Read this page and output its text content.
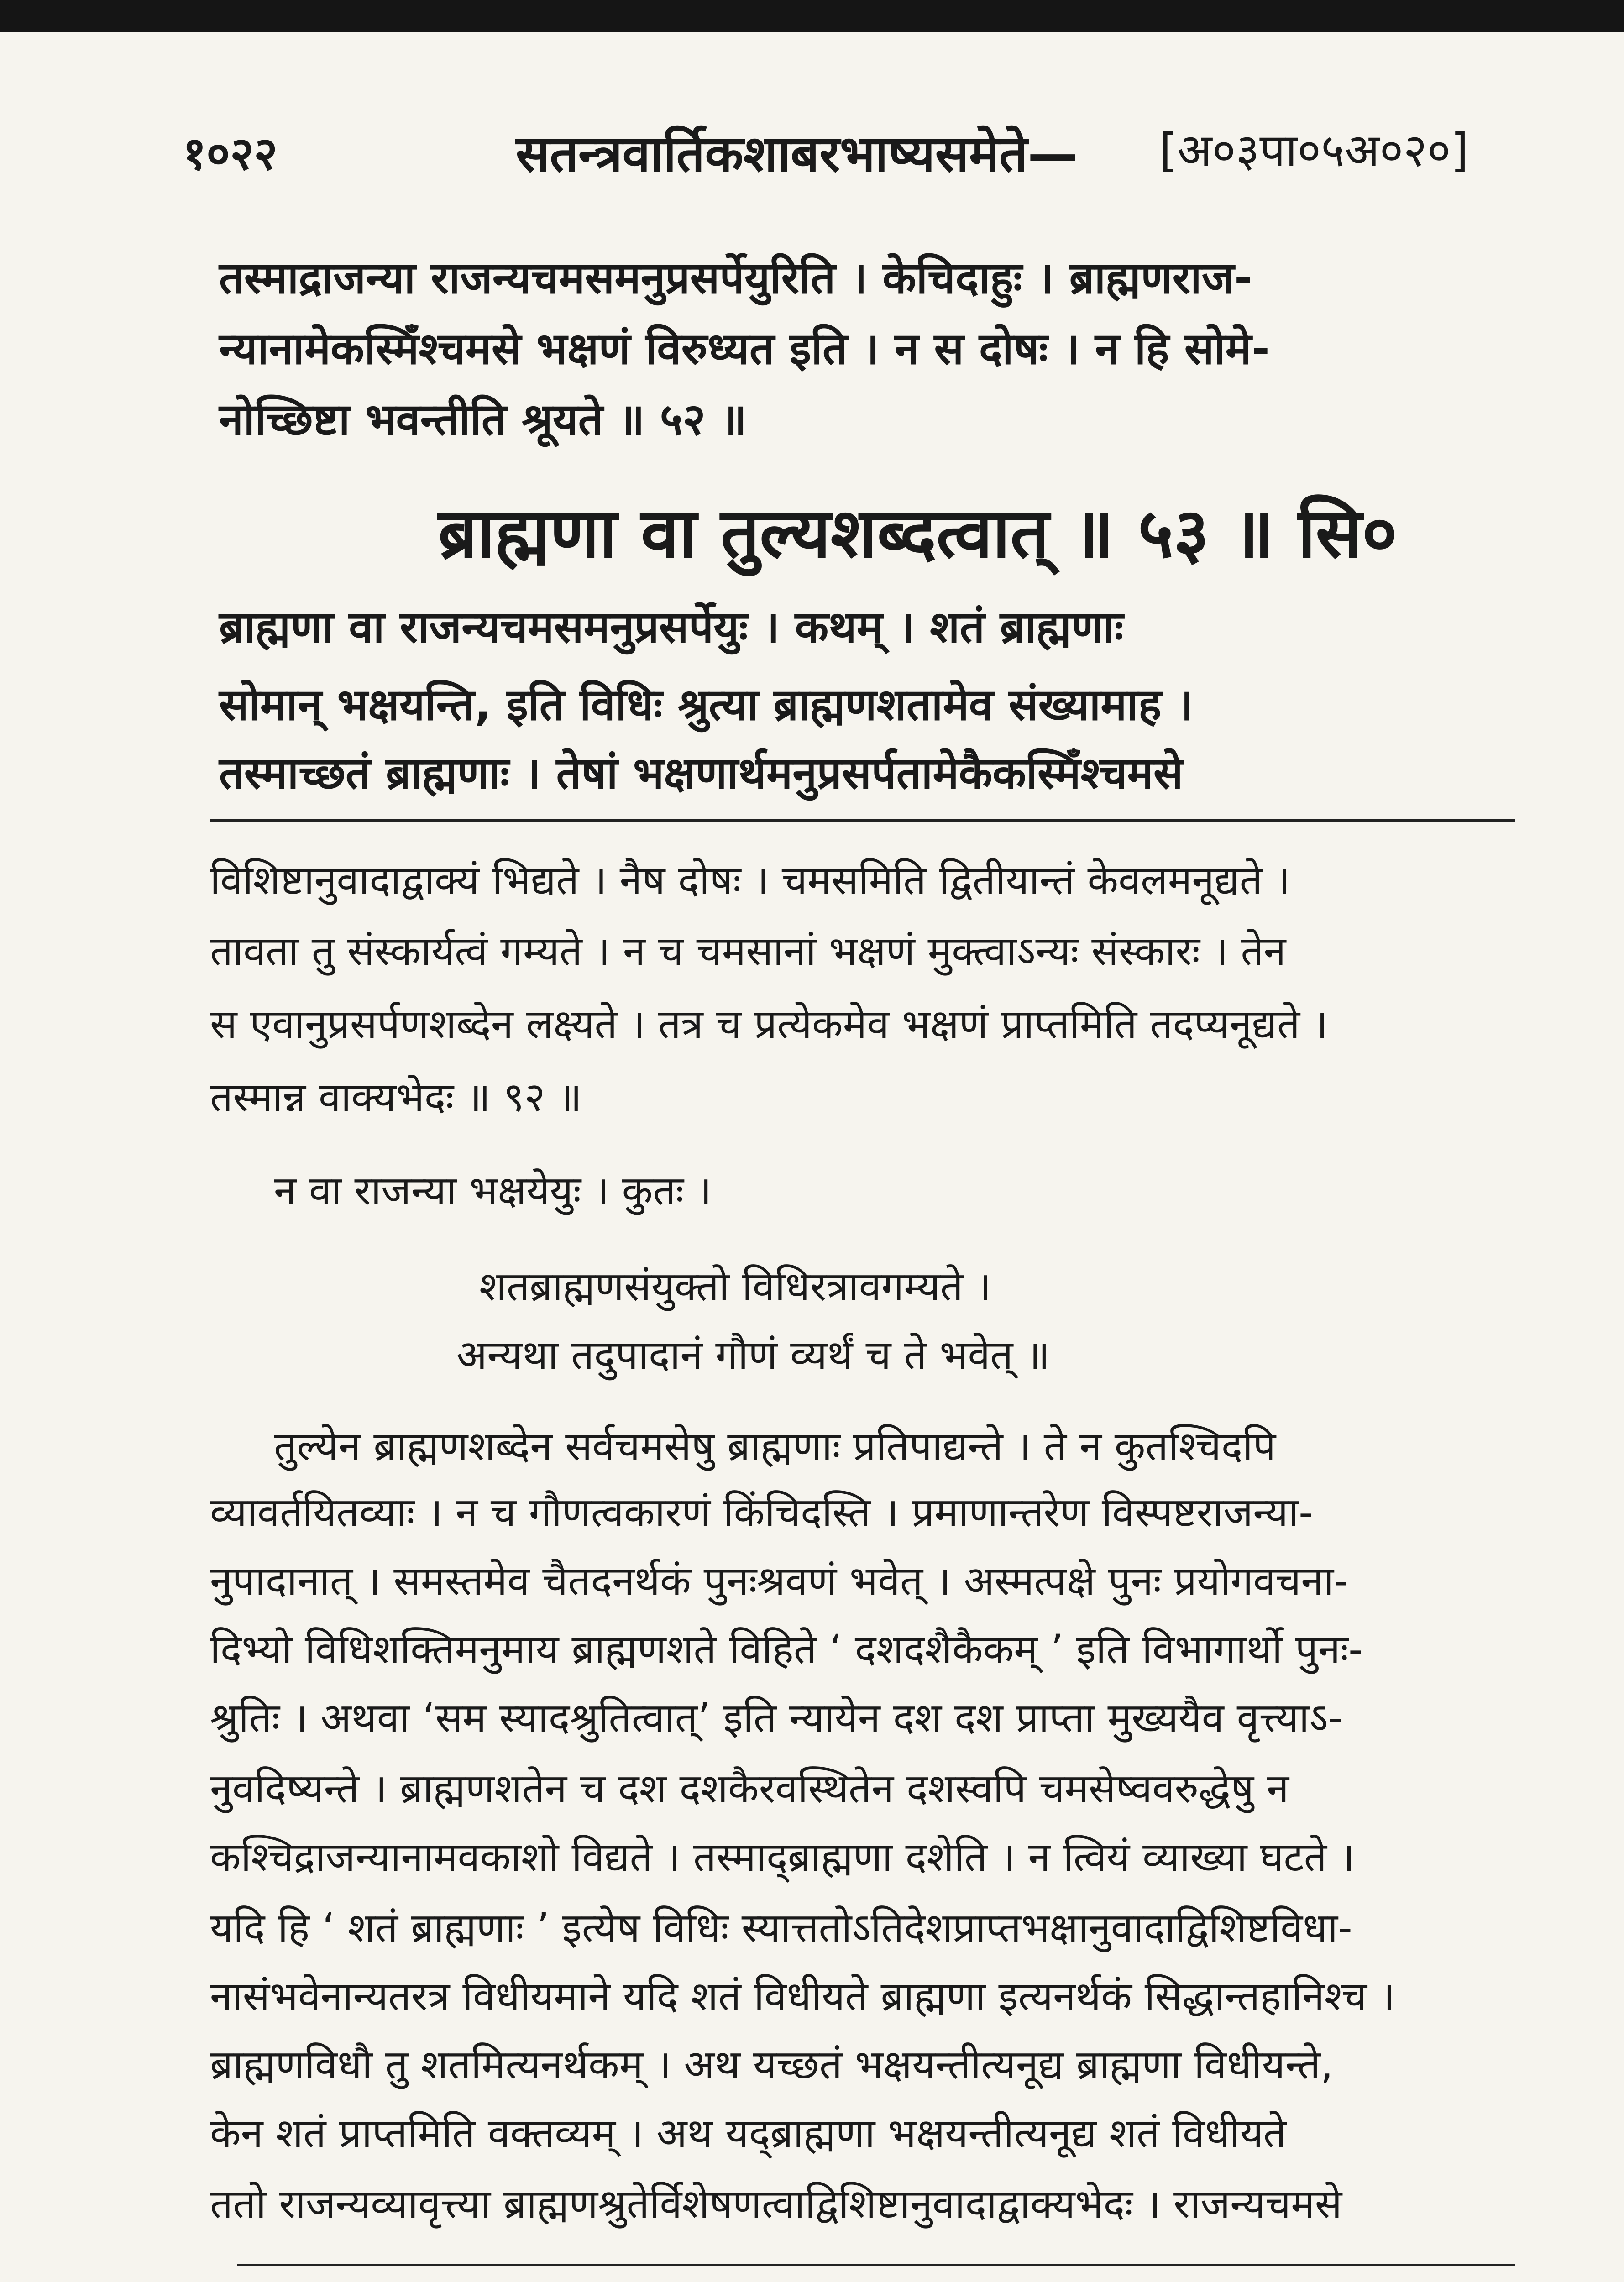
१०२२	सतन्त्रवार्तिकशाबरभाष्यसमेते— [अ०३पा०५अ०२०]
तस्माद्राजन्या राजन्यचमसमनुप्रसर्पेयुरिति । केचिदाहुः । ब्राह्मणराज-
न्यानामेकस्मिँश्चमसे भक्षणं विरुध्यत इति । न स दोषः । न हि सोमे-
नोच्छिष्टा भवन्तीति श्रूयते ॥ ५२ ॥
ब्राह्मणा वा तुल्यशब्दत्वात् ॥ ५३ ॥ सि०
ब्राह्मणा वा राजन्यचमसमनुप्रसर्पेयुः । कथम् । शतं ब्राह्मणाः
सोमान् भक्षयन्ति, इति विधिः श्रुत्या ब्राह्मणशतामेव संख्यामाह ।
तस्माच्छतं ब्राह्मणाः । तेषां भक्षणार्थमनुप्रसर्पतामेकैकस्मिँश्चमसे
विशिष्टानुवादाद्वाक्यं भिद्यते । नैष दोषः । चमसमिति द्वितीयान्तं केवलमनूद्यते ।
तावता तु संस्कार्यत्वं गम्यते । न च चमसानां भक्षणं मुक्त्वाऽन्यः संस्कारः । तेन
स एवानुप्रसर्पणशब्देन लक्ष्यते । तत्र च प्रत्येकमेव भक्षणं प्राप्तमिति तदप्यनूद्यते ।
तस्मान्न वाक्यभेदः ॥ ९२ ॥
न वा राजन्या भक्षयेयुः । कुतः ।
शतब्राह्मणसंयुक्तो विधिरत्रावगम्यते ।
अन्यथा तदुपादानं गौणं व्यर्थं च ते भवेत् ॥
तुल्येन ब्राह्मणशब्देन सर्वचमसेषु ब्राह्मणाः प्रतिपाद्यन्ते । ते न कुतश्चिदपि
व्यावर्तयितव्याः । न च गौणत्वकारणं किंचिदस्ति । प्रमाणान्तरेण विस्पष्टराजन्या-
नुपादानात् । समस्तमेव चैतदनर्थकं पुनःश्रवणं भवेत् । अस्मत्पक्षे पुनः प्रयोगवचना-
दिभ्यो विधिशक्तिमनुमाय ब्राह्मणशते विहिते ‘ दशदशैकैकम् ’ इति विभागार्थो पुनः-
श्रुतिः । अथवा ‘सम स्यादश्रुतित्वात्’ इति न्यायेन दश दश प्राप्ता मुख्ययैव वृत्त्याऽ-
नुवदिष्यन्ते । ब्राह्मणशतेन च दश दशकैरवस्थितेन दशस्वपि चमसेष्ववरुद्धेषु न
कश्चिद्राजन्यानामवकाशो विद्यते । तस्माद्ब्राह्मणा दशेति । न त्वियं व्याख्या घटते ।
यदि हि ‘ शतं ब्राह्मणाः ’ इत्येष विधिः स्यात्ततोऽतिदेशप्राप्तभक्षानुवादाद्विशिष्टविधा-
नासंभवेनान्यतरत्र विधीयमाने यदि शतं विधीयते ब्राह्मणा इत्यनर्थकं सिद्धान्तहानिश्च ।
ब्राह्मणविधौ तु शतमित्यनर्थकम् । अथ यच्छतं भक्षयन्तीत्यनूद्य ब्राह्मणा विधीयन्ते,
केन शतं प्राप्तमिति वक्तव्यम् । अथ यद्ब्राह्मणा भक्षयन्तीत्यनूद्य शतं विधीयते
ततो राजन्यव्यावृत्त्या ब्राह्मणश्रुतेर्विशेषणत्वाद्विशिष्टानुवादाद्वाक्यभेदः । राजन्यचमसे
